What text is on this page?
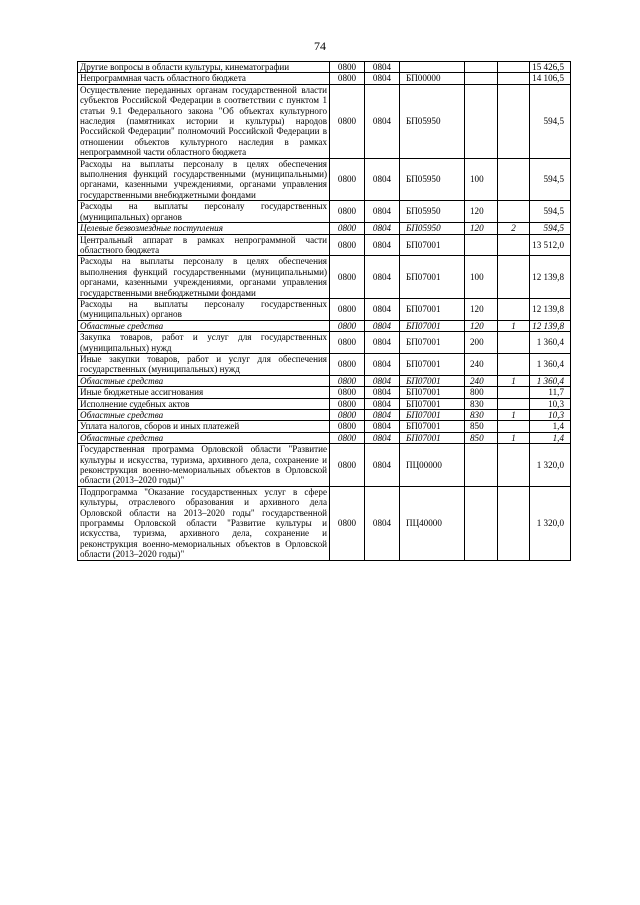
74
Другие вопросы в области культуры, кинематографии	0800	0804				15 426,5
Непрограммная часть областного бюджета	0800	0804	БП00000			14 106,5
Осуществление переданных органам государственной власти субъектов Российской Федерации в соответствии с пунктом 1 статьи 9.1 Федерального закона "Об объектах культурного наследия (памятниках истории и культуры) народов Российской Федерации" полномочий Российской Федерации в отношении объектов культурного наследия в рамках непрограммной части областного бюджета	0800	0804	БП05950			594,5
Расходы на выплаты персоналу в целях обеспечения выполнения функций государственными (муниципальными) органами, казенными учреждениями, органами управления государственными внебюджетными фондами	0800	0804	БП05950	100		594,5
Расходы на выплаты персоналу государственных (муниципальных) органов	0800	0804	БП05950	120		594,5
Целевые безвозмездные поступления	0800	0804	БП05950	120	2	594,5
Центральный аппарат в рамках непрограммной части областного бюджета	0800	0804	БП07001			13 512,0
Расходы на выплаты персоналу в целях обеспечения выполнения функций государственными (муниципальными) органами, казенными учреждениями, органами управления государственными внебюджетными фондами	0800	0804	БП07001	100		12 139,8
Расходы на выплаты персоналу государственных (муниципальных) органов	0800	0804	БП07001	120		12 139,8
Областные средства	0800	0804	БП07001	120	1	12 139,8
Закупка товаров, работ и услуг для государственных (муниципальных) нужд	0800	0804	БП07001	200		1 360,4
Иные закупки товаров, работ и услуг для обеспечения государственных (муниципальных) нужд	0800	0804	БП07001	240		1 360,4
Областные средства	0800	0804	БП07001	240	1	1 360,4
Иные бюджетные ассигнования	0800	0804	БП07001	800		11,7
Исполнение судебных актов	0800	0804	БП07001	830		10,3
Областные средства	0800	0804	БП07001	830	1	10,3
Уплата налогов, сборов и иных платежей	0800	0804	БП07001	850		1,4
Областные средства	0800	0804	БП07001	850	1	1,4
Государственная программа Орловской области "Развитие культуры и искусства, туризма, архивного дела, сохранение и реконструкция военно-мемориальных объектов в Орловской области (2013–2020 годы)"	0800	0804	ПЦ00000			1 320,0
Подпрограмма "Оказание государственных услуг в сфере культуры, отраслевого образования и архивного дела Орловской области на 2013–2020 годы" государственной программы Орловской области "Развитие культуры и искусства, туризма, архивного дела, сохранение и реконструкция военно-мемориальных объектов в Орловской области (2013–2020 годы)"	0800	0804	ПЦ40000			1 320,0
